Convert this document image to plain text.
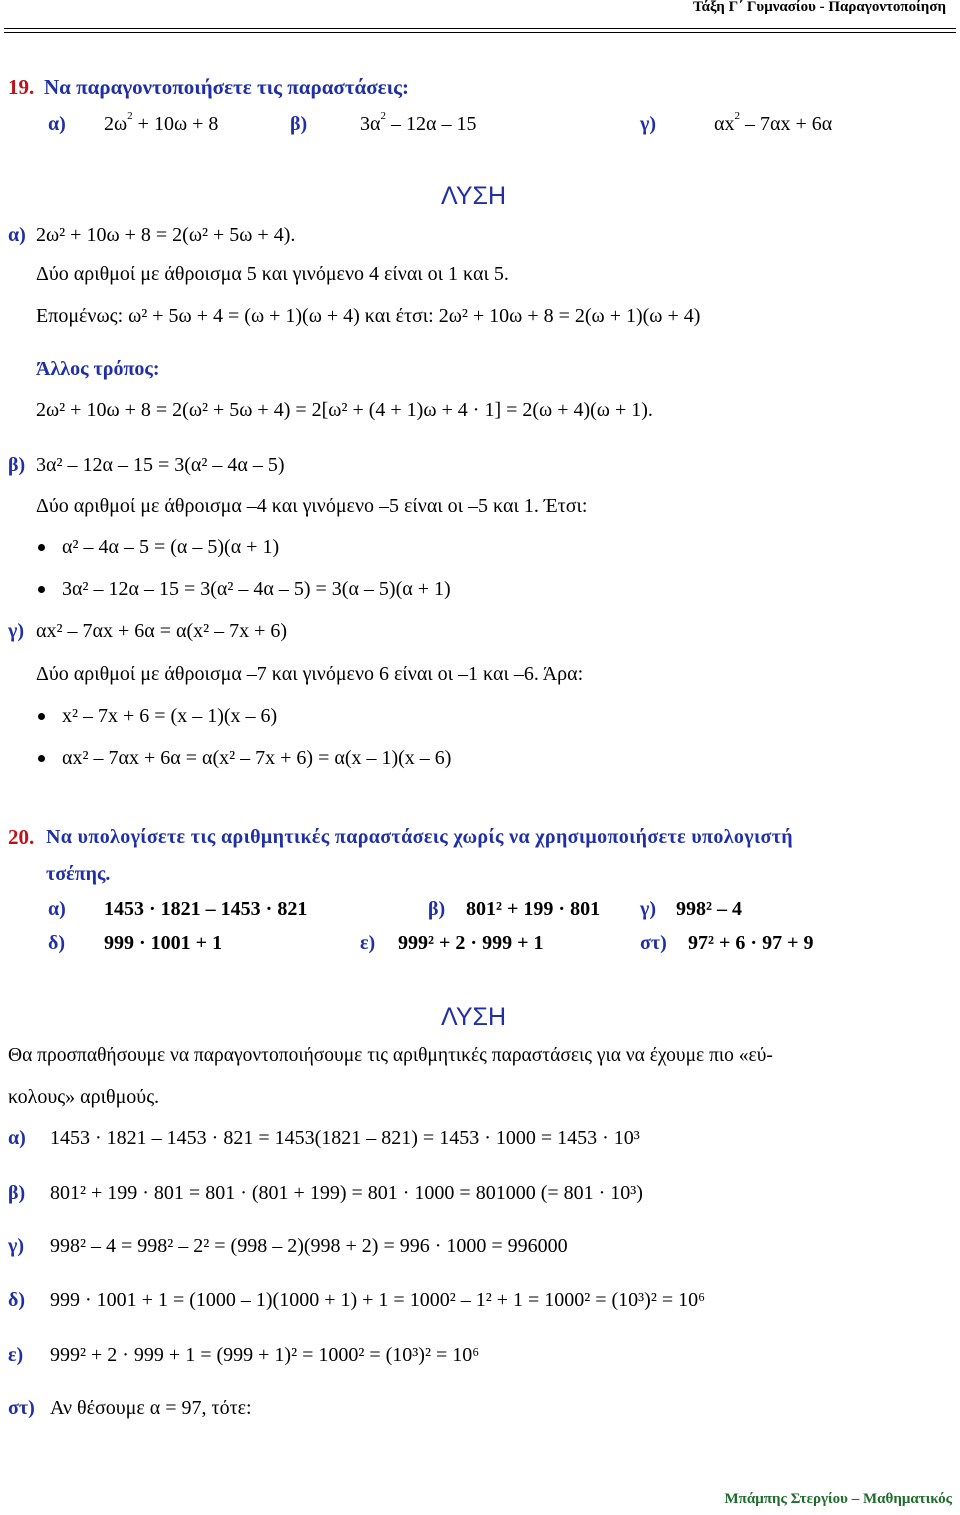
Τάξη Γ΄ Γυμνασίου - Παραγοντοποίηση
19. Να παραγοντοποιήσετε τις παραστάσεις:
α) $2\omega^2 + 10\omega + 8$	β)	$3\alpha^2 - 12\alpha - 15$	γ)	$\alpha x^2 - 7\alpha x + 6\alpha$
ΛΥΣΗ
α) 2ω² + 10ω + 8 = 2(ω² + 5ω + 4).
Δύο αριθμοί με άθροισμα 5 και γινόμενο 4 είναι οι 1 και 5.
Επομένως: ω² + 5ω + 4 = (ω + 1)(ω + 4) και έτσι: 2ω² + 10ω + 8 = 2(ω + 1)(ω + 4)
Άλλος τρόπος:
2ω² + 10ω + 8 = 2(ω² + 5ω + 4) = 2[ω² + (4 + 1)ω + 4 · 1] = 2(ω + 4)(ω + 1).
β) 3α² – 12α – 15 = 3(α² – 4α – 5)
Δύο αριθμοί με άθροισμα –4 και γινόμενο –5 είναι οι –5 και 1. Έτσι:
α² – 4α – 5 = (α – 5)(α + 1)
3α² – 12α – 15 = 3(α² – 4α – 5) = 3(α – 5)(α + 1)
γ) αx² – 7αx + 6α = α(x² – 7x + 6)
Δύο αριθμοί με άθροισμα –7 και γινόμενο 6 είναι οι –1 και –6. Άρα:
x² – 7x + 6 = (x – 1)(x – 6)
αx² – 7αx + 6α = α(x² – 7x + 6) = α(x – 1)(x – 6)
20. Να υπολογίσετε τις αριθμητικές παραστάσεις χωρίς να χρησιμοποιήσετε υπολογιστή
τσέπης.
α) 1453 · 1821 – 1453 · 821	β) 801² + 199 · 801 γ) 998² – 4
δ) 999 · 1001 + 1	ε) 999² + 2 · 999 + 1	στ) 97² + 6 · 97 + 9
ΛΥΣΗ
Θα προσπαθήσουμε να παραγοντοποιήσουμε τις αριθμητικές παραστάσεις για να έχουμε πιο «εύ-
κολους» αριθμούς.
α) 1453 · 1821 – 1453 · 821 = 1453(1821 – 821) = 1453 · 1000 = 1453 · 10³
β) 801² + 199 · 801 = 801 · (801 + 199) = 801 · 1000 = 801000 (= 801 · 10³)
γ) 998² – 4 = 998² – 2² = (998 – 2)(998 + 2) = 996 · 1000 = 996000
δ) 999 · 1001 + 1 = (1000 – 1)(1000 + 1) + 1 = 1000² – 1² + 1 = 1000² = (10³)² = 10⁶
ε) 999² + 2 · 999 + 1 = (999 + 1)² = 1000² = (10³)² = 10⁶
στ) Αν θέσουμε α = 97, τότε:
Μπάμπης Στεργίου – Μαθηματικός
